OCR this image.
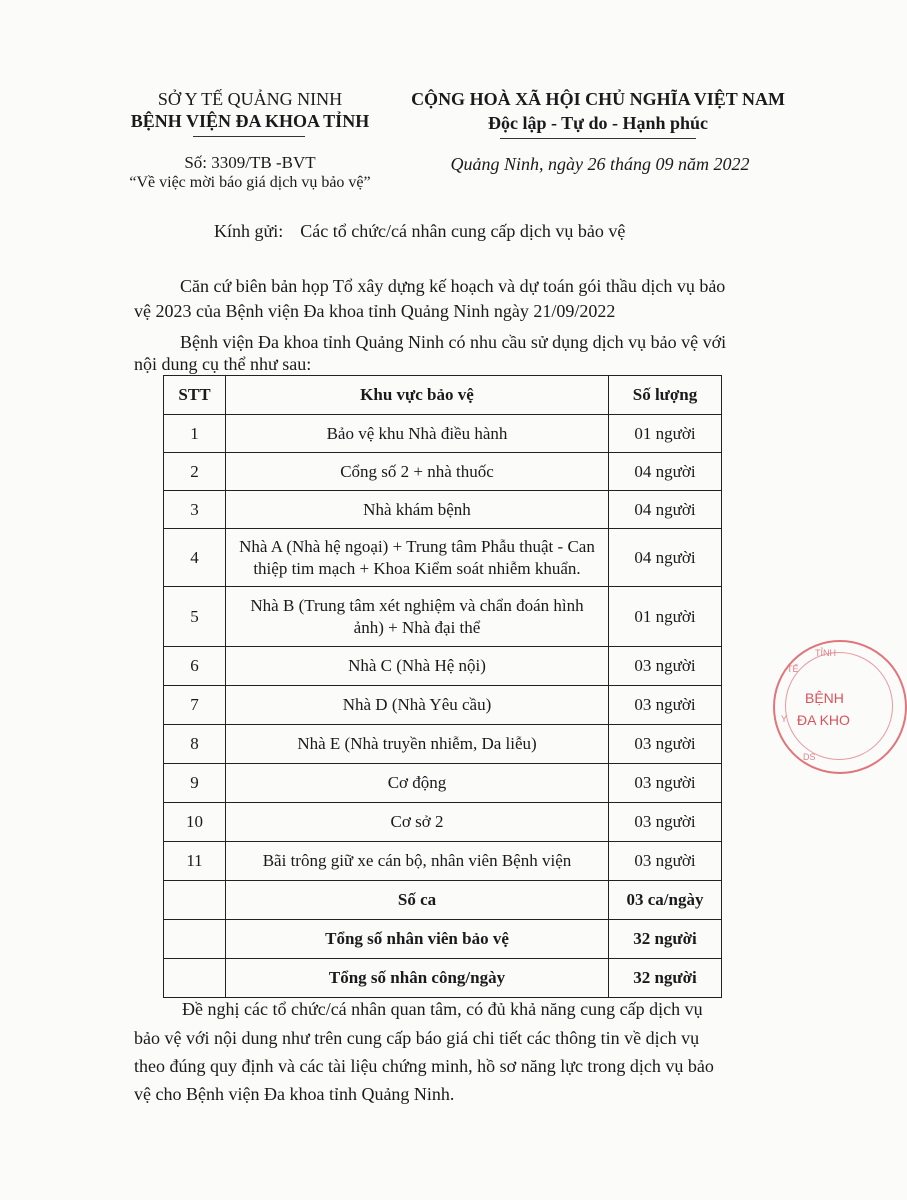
SỞ Y TẾ QUẢNG NINH
BỆNH VIỆN ĐA KHOA TỈNH
CỘNG HOÀ XÃ HỘI CHỦ NGHĨA VIỆT NAM
Độc lập - Tự do - Hạnh phúc
Số: 3309/TB -BVT
“Về việc mời báo giá dịch vụ bảo vệ”
Quảng Ninh, ngày 26 tháng 09 năm 2022
Kính gửi: Các tổ chức/cá nhân cung cấp dịch vụ bảo vệ
Căn cứ biên bản họp Tổ xây dựng kế hoạch và dự toán gói thầu dịch vụ bảo
vệ 2023 của Bệnh viện Đa khoa tỉnh Quảng Ninh ngày 21/09/2022
Bệnh viện Đa khoa tỉnh Quảng Ninh có nhu cầu sử dụng dịch vụ bảo vệ với
nội dung cụ thể như sau:
STT	Khu vực bảo vệ	Số lượng
1	Bảo vệ khu Nhà điều hành	01 người
2	Cổng số 2 + nhà thuốc	04 người
3	Nhà khám bệnh	04 người
4	Nhà A (Nhà hệ ngoại) + Trung tâm Phẫu thuật - Can thiệp tim mạch + Khoa Kiểm soát nhiễm khuẩn.	04 người
5	Nhà B (Trung tâm xét nghiệm và chẩn đoán hình ảnh) + Nhà đại thể	01 người
6	Nhà C (Nhà Hệ nội)	03 người
7	Nhà D (Nhà Yêu cầu)	03 người
8	Nhà E (Nhà truyền nhiễm, Da liễu)	03 người
9	Cơ động	03 người
10	Cơ sở 2	03 người
11	Bãi trông giữ xe cán bộ, nhân viên Bệnh viện	03 người
	Số ca	03 ca/ngày
	Tổng số nhân viên bảo vệ	32 người
	Tổng số nhân công/ngày	32 người
Đề nghị các tổ chức/cá nhân quan tâm, có đủ khả năng cung cấp dịch vụ
bảo vệ với nội dung như trên cung cấp báo giá chi tiết các thông tin về dịch vụ
theo đúng quy định và các tài liệu chứng minh, hồ sơ năng lực trong dịch vụ bảo
vệ cho Bệnh viện Đa khoa tỉnh Quảng Ninh.
BỆNH
ĐA KHO
TỈNH
TẾ
Y
DS
